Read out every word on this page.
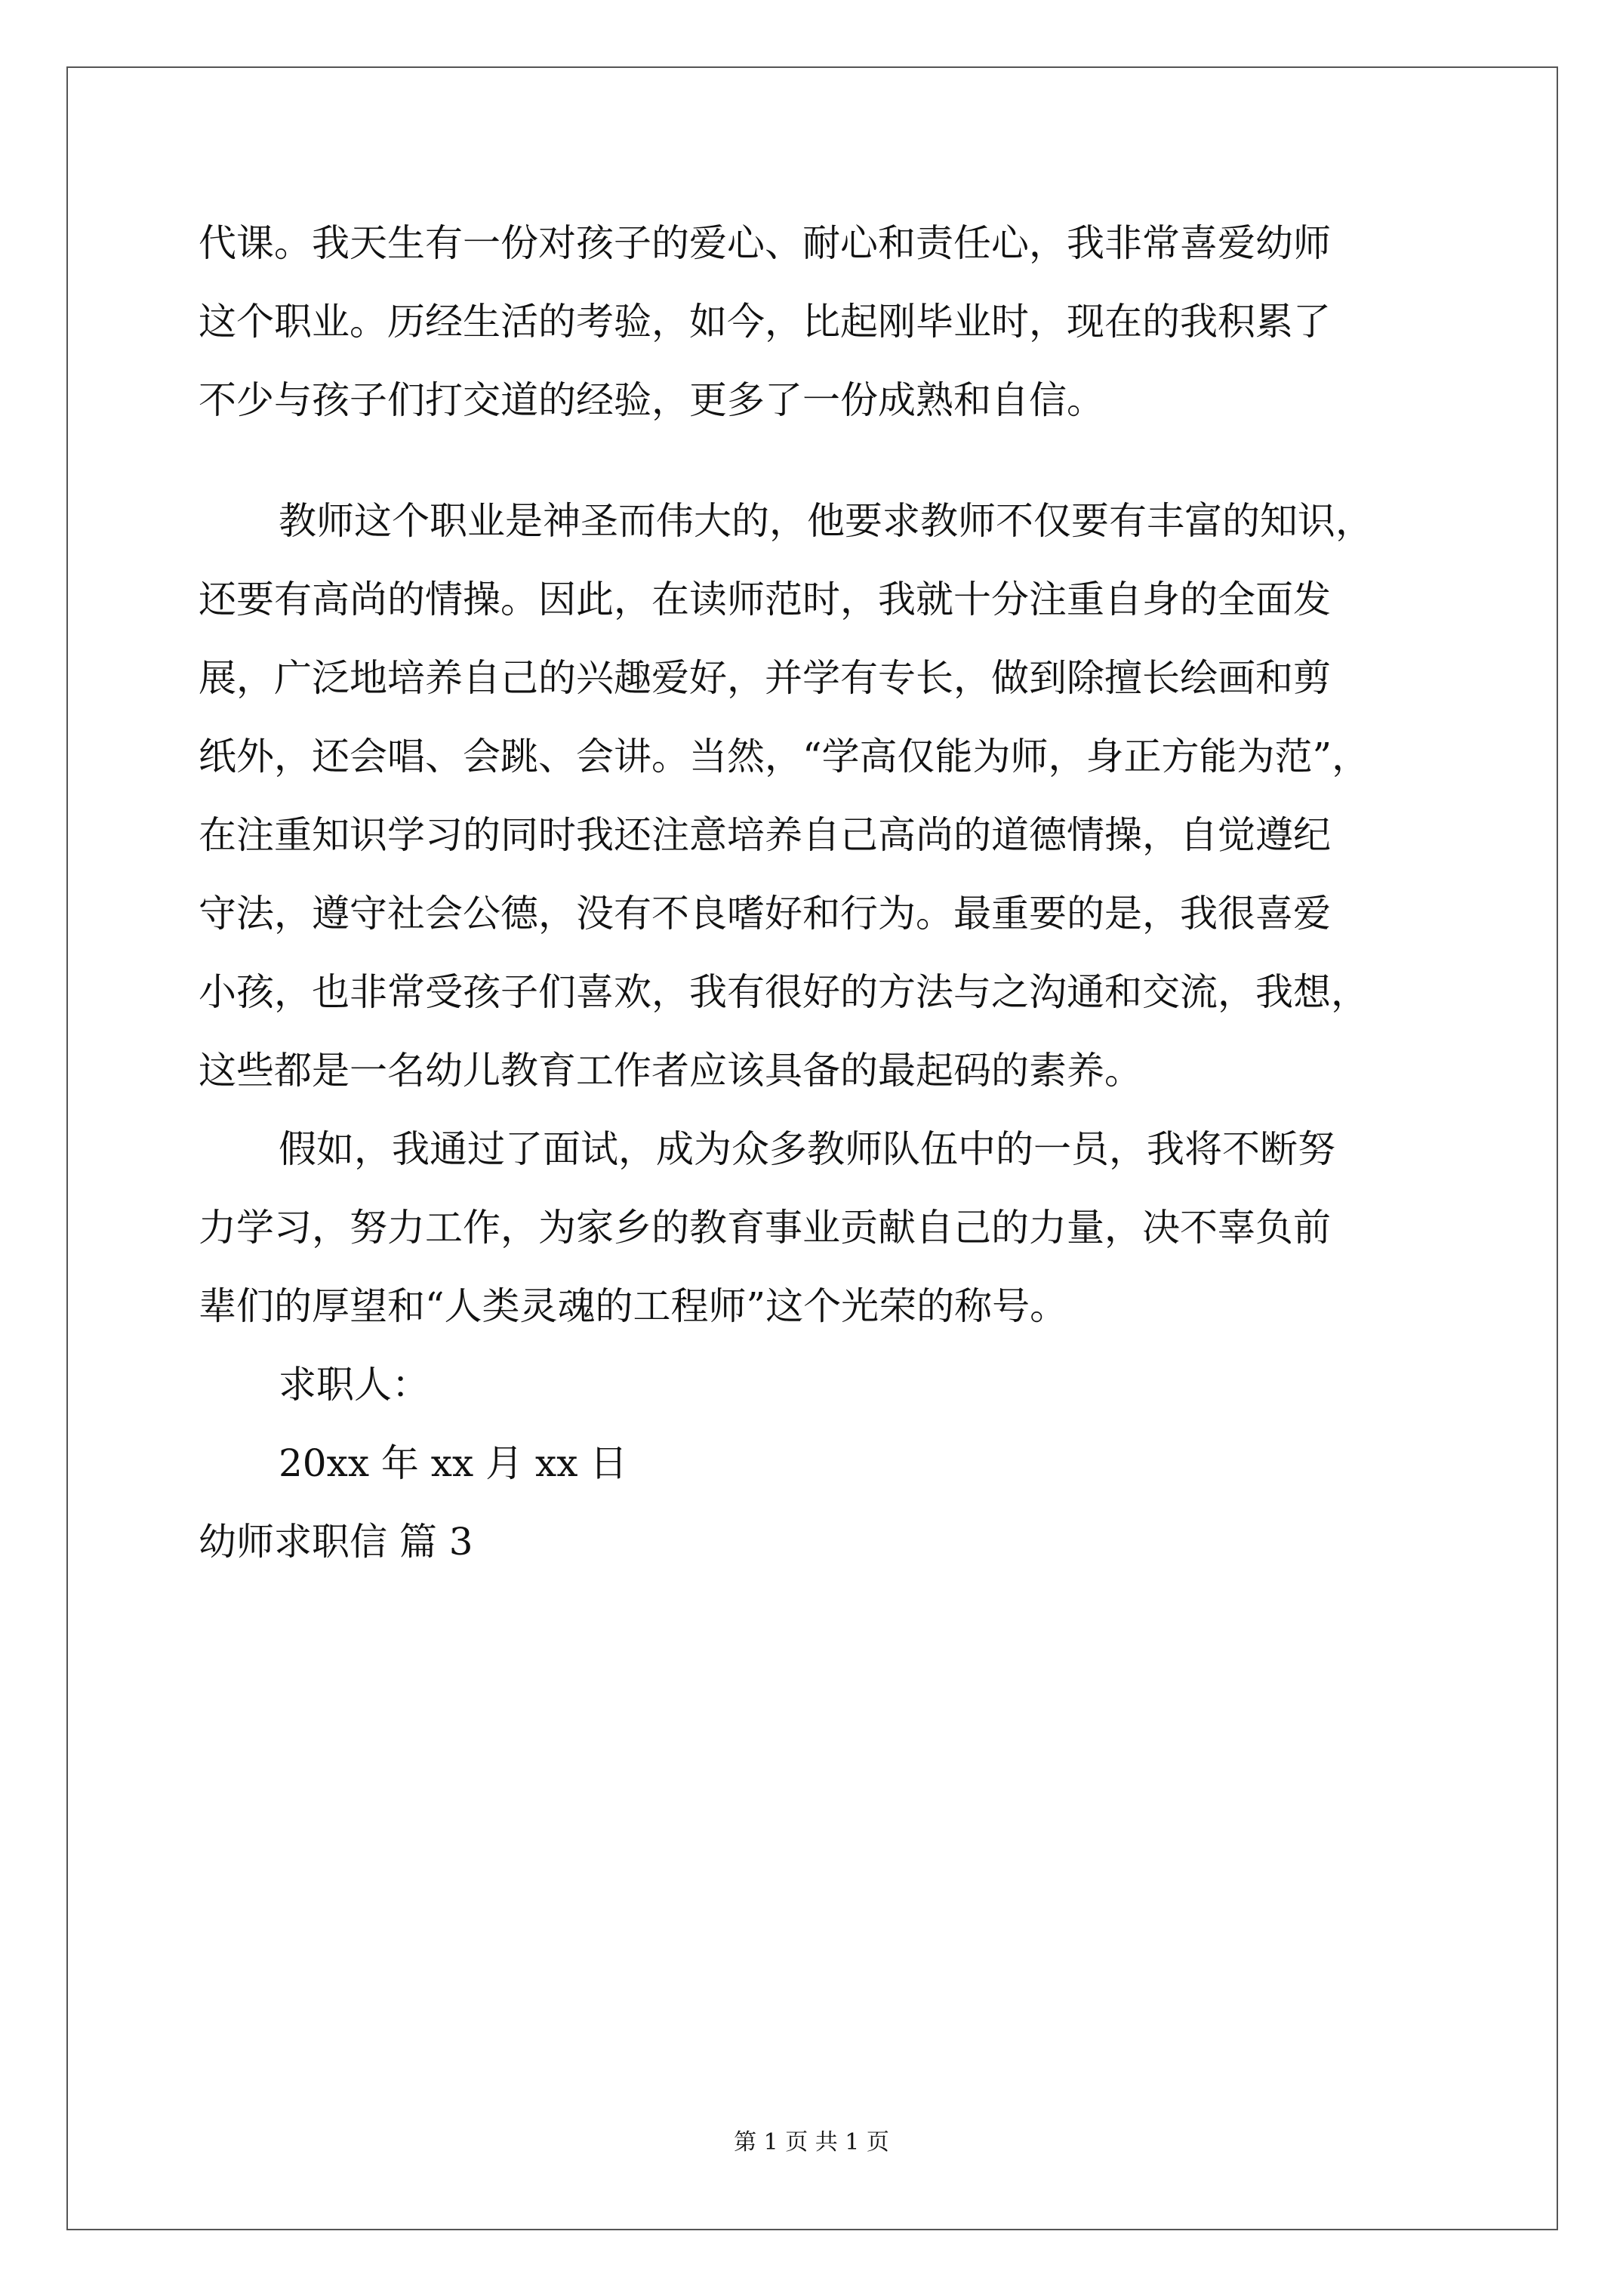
代课。我天生有一份对孩子的爱心、耐心和责任心，我非常喜爱幼师
这个职业。历经生活的考验，如今，比起刚毕业时，现在的我积累了
不少与孩子们打交道的经验，更多了一份成熟和自信。
教师这个职业是神圣而伟大的，他要求教师不仅要有丰富的知识，
还要有高尚的情操。因此，在读师范时，我就十分注重自身的全面发
展，广泛地培养自己的兴趣爱好，并学有专长，做到除擅长绘画和剪
纸外，还会唱、会跳、会讲。当然，“学高仅能为师，身正方能为范”，
在注重知识学习的同时我还注意培养自己高尚的道德情操，自觉遵纪
守法，遵守社会公德，没有不良嗜好和行为。最重要的是，我很喜爱
小孩，也非常受孩子们喜欢，我有很好的方法与之沟通和交流，我想，
这些都是一名幼儿教育工作者应该具备的最起码的素养。
假如，我通过了面试，成为众多教师队伍中的一员，我将不断努
力学习，努力工作，为家乡的教育事业贡献自己的力量，决不辜负前
辈们的厚望和“人类灵魂的工程师”这个光荣的称号。
求职人：
20xx 年 xx 月 xx 日
幼师求职信 篇 3
第 1 页 共 1 页
